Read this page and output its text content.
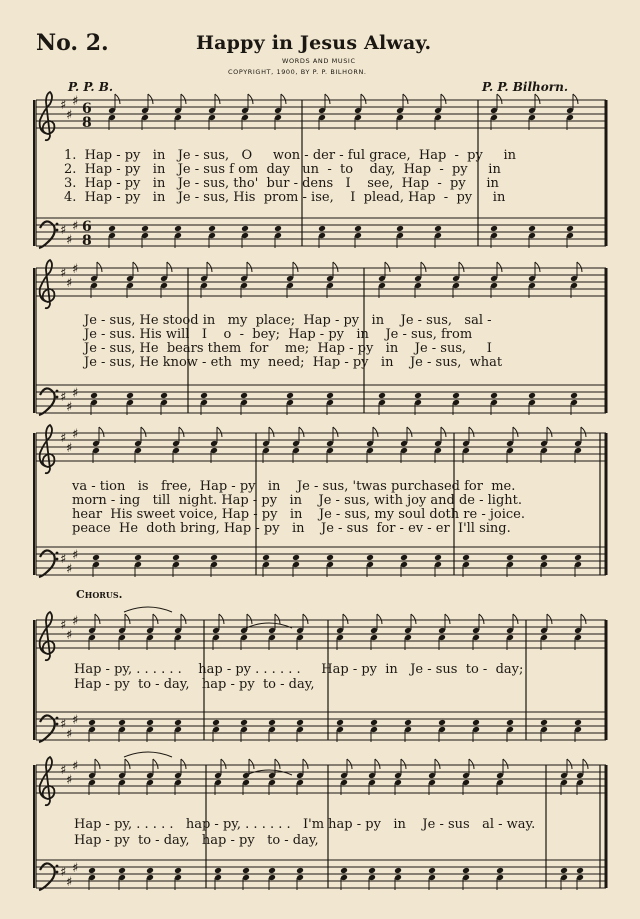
No. 2.	Happy in Jesus Alway.
WORDS AND MUSIC
COPYRIGHT, 1900, BY P. P. BILHORN.
P. P. B.	P. P. Bilhorn.
Chorus.
1.  Hap - py   in   Je - sus,   O     won - der - ful grace,  Hap  -  py     in
2.  Hap - py   in   Je - sus f om  day   un  -  to    day,  Hap  -  py     in
3.  Hap - py   in   Je - sus, tho'  bur - dens   I    see,  Hap  -  py     in
4.  Hap - py   in   Je - sus, His  prom - ise,    I  plead, Hap  -  py     in
Je - sus, He stood in   my  place;  Hap - py   in    Je - sus,   sal -
Je - sus. His will   I    o  -  bey;  Hap - py   in    Je - sus, from
Je - sus, He  bears them  for    me;  Hap - py   in    Je - sus,     I
Je - sus, He know - eth  my  need;  Hap - py   in    Je - sus,  what
va - tion   is   free,  Hap - py   in    Je - sus, 'twas purchased for  me.
morn - ing   till  night. Hap - py   in    Je - sus, with joy and de - light.
hear  His sweet voice, Hap - py   in    Je - sus, my soul doth re - joice.
peace  He  doth bring, Hap - py   in    Je - sus  for - ev - er  I'll sing.
Hap - py, . . . . . .    hap - py . . . . . .     Hap - py  in   Je - sus  to -  day;
Hap - py  to - day,   hap - py  to - day,
Hap - py, . . . . .   hap - py, . . . . . .   I'm hap - py   in    Je - sus   al - way.
Hap - py  to - day,   hap - py   to - day,
♯
♯
♯
♯
♯
♯
6
8
6
8
♯
♯
♯
♯
♯
♯
♯
♯
♯
♯
♯
♯
♯
♯
♯
♯
♯
♯
♯
♯
♯
♯
♯
♯
